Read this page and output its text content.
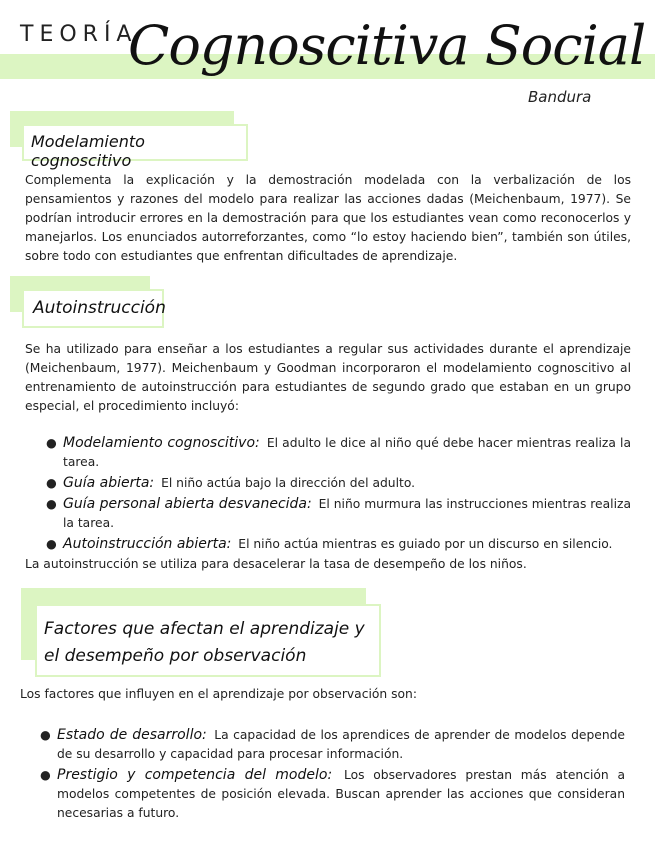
TEORÍA
Cognoscitiva Social
Bandura
Modelamiento cognoscitivo
Complementa la explicación y la demostración modelada con la verbalización de los pensamientos y razones del modelo para realizar las acciones dadas (Meichenbaum, 1977). Se podrían introducir errores en la demostración para que los estudiantes vean como reconocerlos y manejarlos. Los enunciados autorreforzantes, como “lo estoy haciendo bien”, también son útiles, sobre todo con estudiantes que enfrentan dificultades de aprendizaje.
Autoinstrucción
Se ha utilizado para enseñar a los estudiantes a regular sus actividades durante el aprendizaje (Meichenbaum, 1977). Meichenbaum y Goodman incorporaron el modelamiento cognoscitivo al entrenamiento de autoinstrucción para estudiantes de segundo grado que estaban en un grupo especial, el procedimiento incluyó:
● Modelamiento cognoscitivo: El adulto le dice al niño qué debe hacer mientras realiza la tarea.
● Guía abierta: El niño actúa bajo la dirección del adulto.
● Guía personal abierta desvanecida: El niño murmura las instrucciones mientras realiza la tarea.
● Autoinstrucción abierta: El niño actúa mientras es guiado por un discurso en silencio.
La autoinstrucción se utiliza para desacelerar la tasa de desempeño de los niños.
Factores que afectan el aprendizaje y
el desempeño por observación
Los factores que influyen en el aprendizaje por observación son:
● Estado de desarrollo: La capacidad de los aprendices de aprender de modelos depende de su desarrollo y capacidad para procesar información.
● Prestigio y competencia del modelo: Los observadores prestan más atención a modelos competentes de posición elevada. Buscan aprender las acciones que consideran necesarias a futuro.
